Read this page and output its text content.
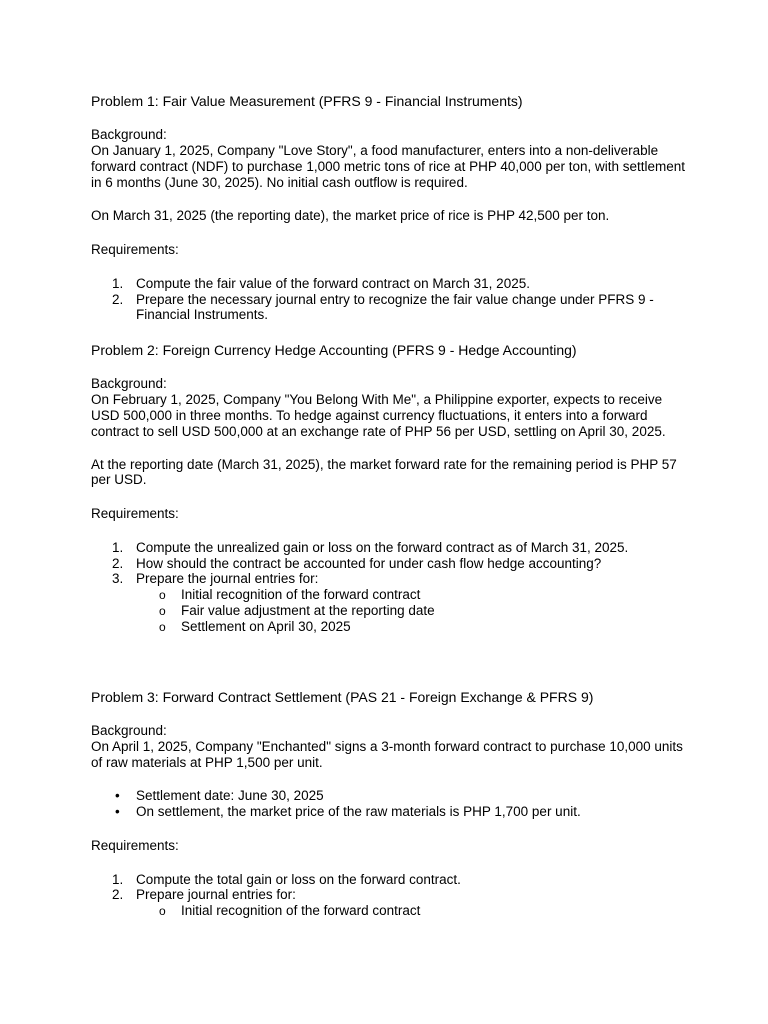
Problem 1: Fair Value Measurement (PFRS 9 - Financial Instruments)
Background:
On January 1, 2025, Company "Love Story", a food manufacturer, enters into a non-deliverable
forward contract (NDF) to purchase 1,000 metric tons of rice at PHP 40,000 per ton, with settlement
in 6 months (June 30, 2025). No initial cash outflow is required.
On March 31, 2025 (the reporting date), the market price of rice is PHP 42,500 per ton.
Requirements:
1. Compute the fair value of the forward contract on March 31, 2025.
2. Prepare the necessary journal entry to recognize the fair value change under PFRS 9 -
Financial Instruments.
Problem 2: Foreign Currency Hedge Accounting (PFRS 9 - Hedge Accounting)
Background:
On February 1, 2025, Company "You Belong With Me", a Philippine exporter, expects to receive
USD 500,000 in three months. To hedge against currency fluctuations, it enters into a forward
contract to sell USD 500,000 at an exchange rate of PHP 56 per USD, settling on April 30, 2025.
At the reporting date (March 31, 2025), the market forward rate for the remaining period is PHP 57
per USD.
Requirements:
1. Compute the unrealized gain or loss on the forward contract as of March 31, 2025.
2. How should the contract be accounted for under cash flow hedge accounting?
3. Prepare the journal entries for:
o Initial recognition of the forward contract
o Fair value adjustment at the reporting date
o Settlement on April 30, 2025
Problem 3: Forward Contract Settlement (PAS 21 - Foreign Exchange & PFRS 9)
Background:
On April 1, 2025, Company "Enchanted" signs a 3-month forward contract to purchase 10,000 units
of raw materials at PHP 1,500 per unit.
• Settlement date: June 30, 2025
• On settlement, the market price of the raw materials is PHP 1,700 per unit.
Requirements:
1. Compute the total gain or loss on the forward contract.
2. Prepare journal entries for:
o Initial recognition of the forward contract
